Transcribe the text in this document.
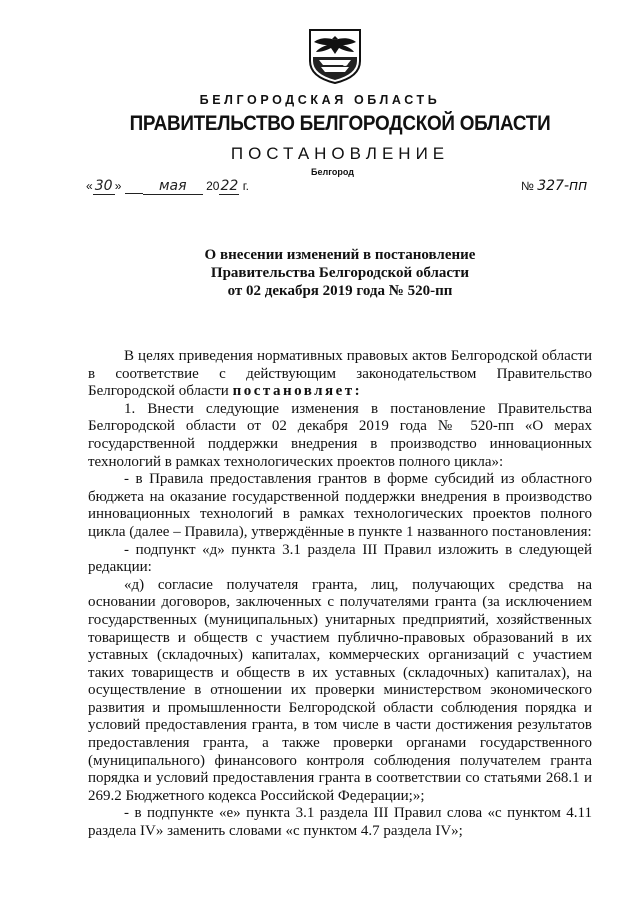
БЕЛГОРОДСКАЯ ОБЛАСТЬ
ПРАВИТЕЛЬСТВО БЕЛГОРОДСКОЙ ОБЛАСТИ
ПОСТАНОВЛЕНИЕ
Белгород
« 30 »	мая 2022 г.	№ 327-пп
О внесении изменений в постановление
Правительства Белгородской области
от 02 декабря 2019 года № 520-пп

В целях приведения нормативных правовых актов Белгородской области в соответствие с действующим законодательством Правительство Белгородской области постановляет:

1. Внести следующие изменения в постановление Правительства Белгородской области от 02 декабря 2019 года № 520-пп «О мерах государственной поддержки внедрения в производство инновационных технологий в рамках технологических проектов полного цикла»:

- в Правила предоставления грантов в форме субсидий из областного бюджета на оказание государственной поддержки внедрения в производство инновационных технологий в рамках технологических проектов полного цикла (далее – Правила), утверждённые в пункте 1 названного постановления:

- подпункт «д» пункта 3.1 раздела III Правил изложить в следующей редакции:

«д) согласие получателя гранта, лиц, получающих средства на основании договоров, заключенных с получателями гранта (за исключением государственных (муниципальных) унитарных предприятий, хозяйственных товариществ и обществ с участием публично-правовых образований в их уставных (складочных) капиталах, коммерческих организаций с участием таких товариществ и обществ в их уставных (складочных) капиталах), на осуществление в отношении их проверки министерством экономического развития и промышленности Белгородской области соблюдения порядка и условий предоставления гранта, в том числе в части достижения результатов предоставления гранта, а также проверки органами государственного (муниципального) финансового контроля соблюдения получателем гранта порядка и условий предоставления гранта в соответствии со статьями 268.1 и 269.2 Бюджетного кодекса Российской Федерации;»;

- в подпункте «е» пункта 3.1 раздела III Правил слова «с пунктом 4.11 раздела IV» заменить словами «с пунктом 4.7 раздела IV»;
